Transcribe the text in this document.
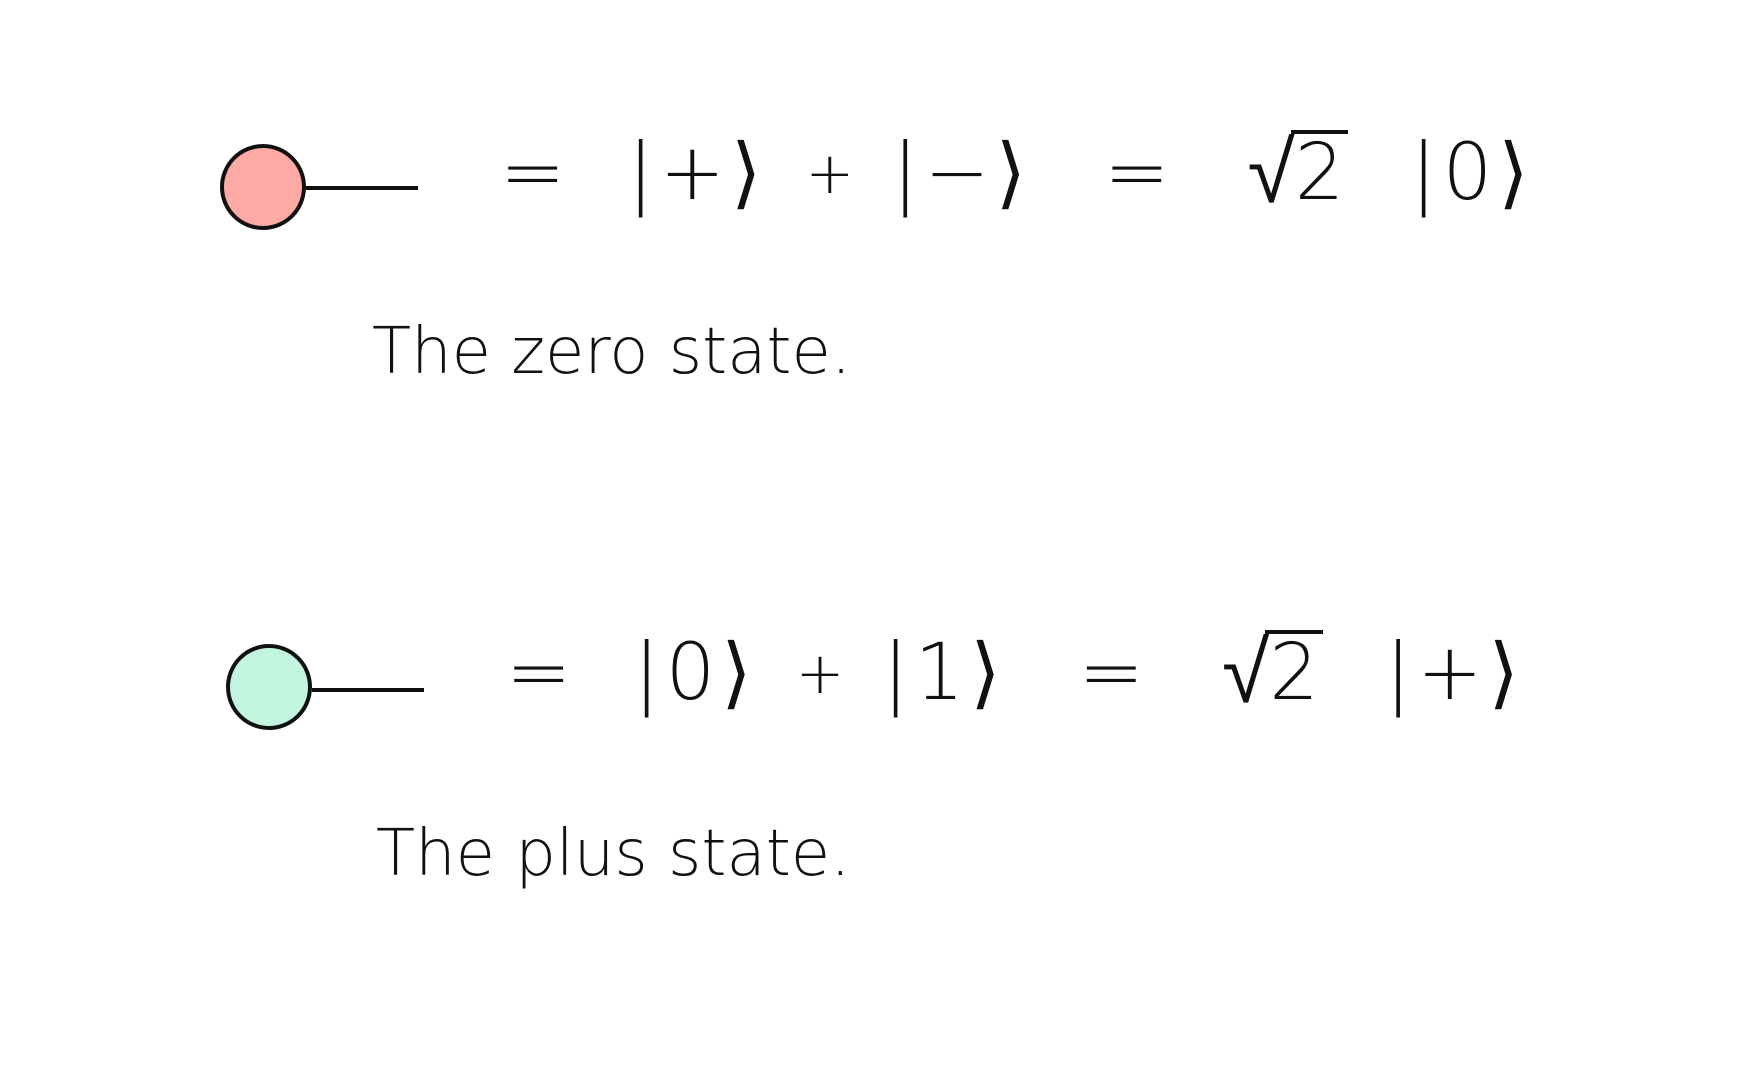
= |+⟩ + |−⟩ = √ 2 |0⟩
The zero state.
= |0⟩ + |1⟩ = √ 2 |+⟩
The plus state.
